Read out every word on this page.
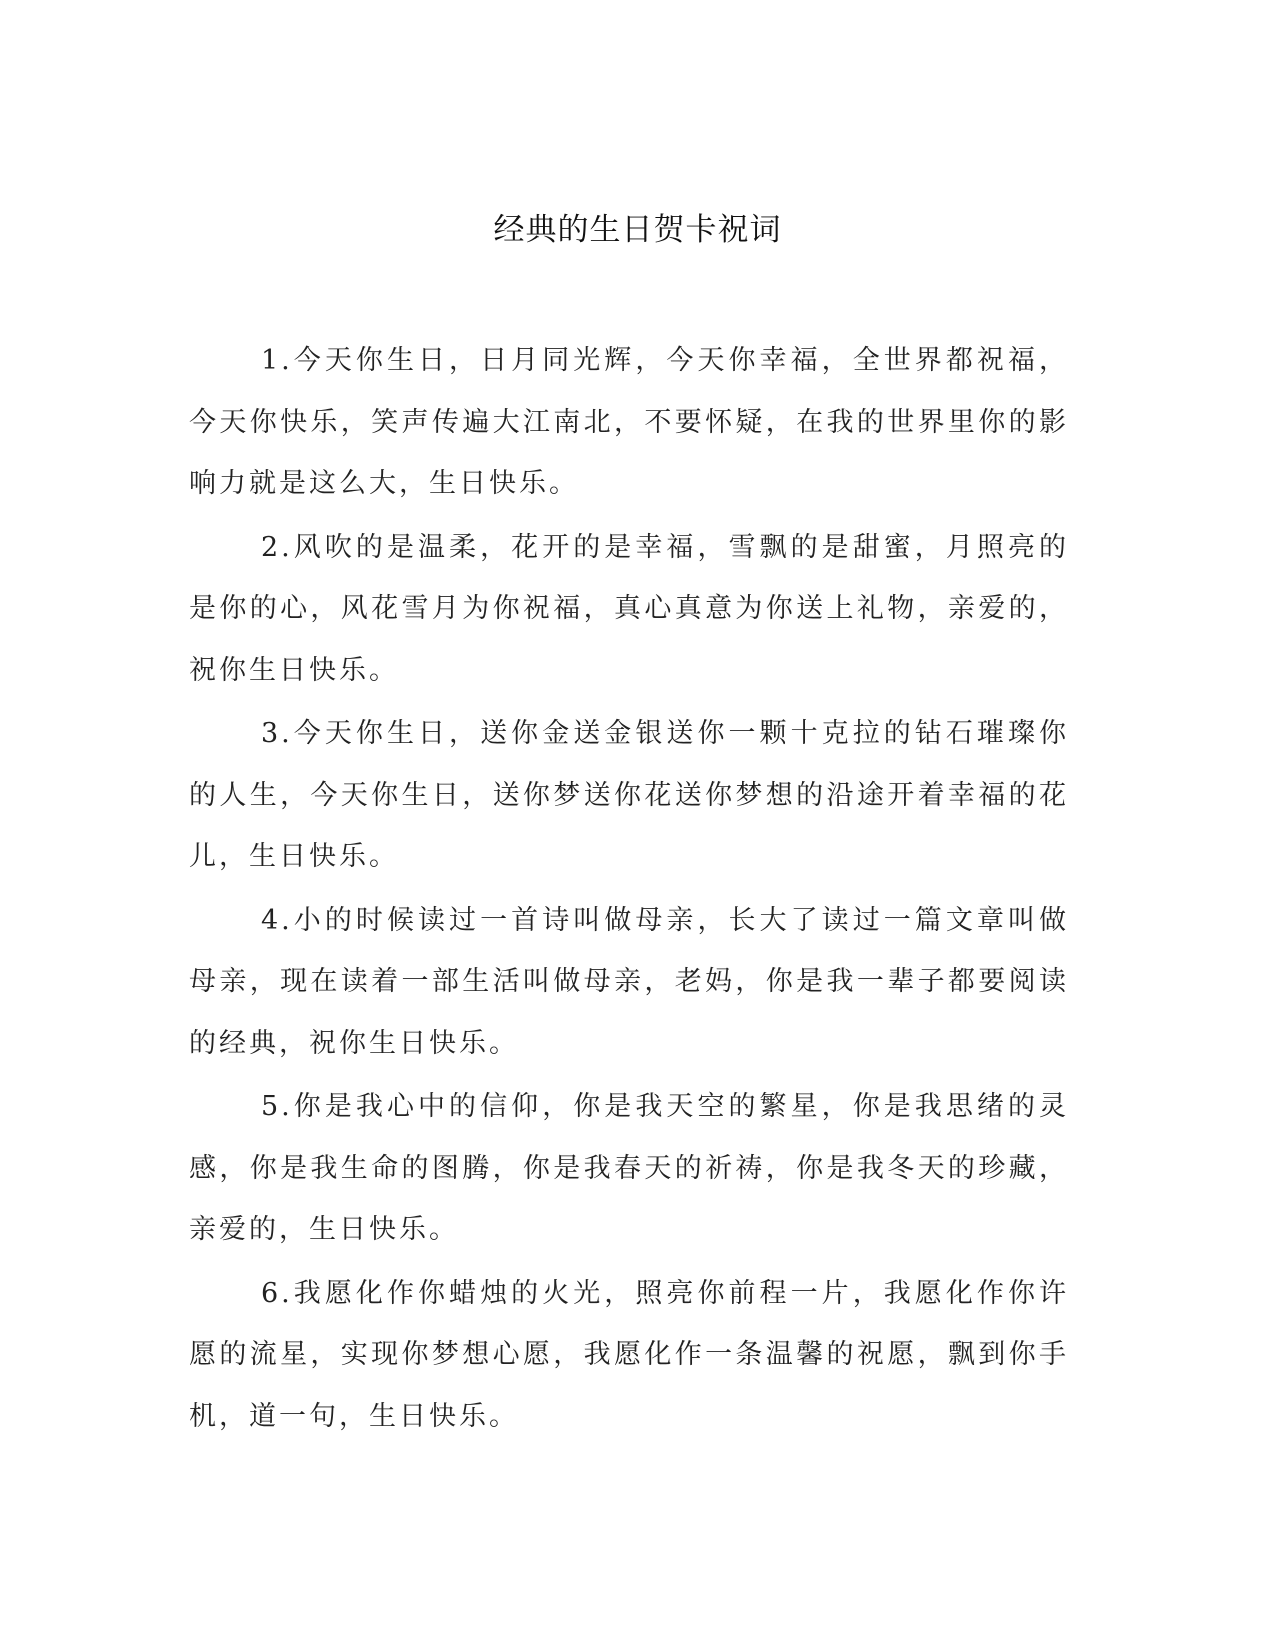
经典的生日贺卡祝词

1.今天你生日，日月同光辉，今天你幸福，全世界都祝福，今天你快乐，笑声传遍大江南北，不要怀疑，在我的世界里你的影响力就是这么大，生日快乐。

2.风吹的是温柔，花开的是幸福，雪飘的是甜蜜，月照亮的是你的心，风花雪月为你祝福，真心真意为你送上礼物，亲爱的，祝你生日快乐。

3.今天你生日，送你金送金银送你一颗十克拉的钻石璀璨你的人生，今天你生日，送你梦送你花送你梦想的沿途开着幸福的花儿，生日快乐。

4.小的时候读过一首诗叫做母亲，长大了读过一篇文章叫做母亲，现在读着一部生活叫做母亲，老妈，你是我一辈子都要阅读的经典，祝你生日快乐。

5.你是我心中的信仰，你是我天空的繁星，你是我思绪的灵感，你是我生命的图腾，你是我春天的祈祷，你是我冬天的珍藏，亲爱的，生日快乐。

6.我愿化作你蜡烛的火光，照亮你前程一片，我愿化作你许愿的流星，实现你梦想心愿，我愿化作一条温馨的祝愿，飘到你手机，道一句，生日快乐。
